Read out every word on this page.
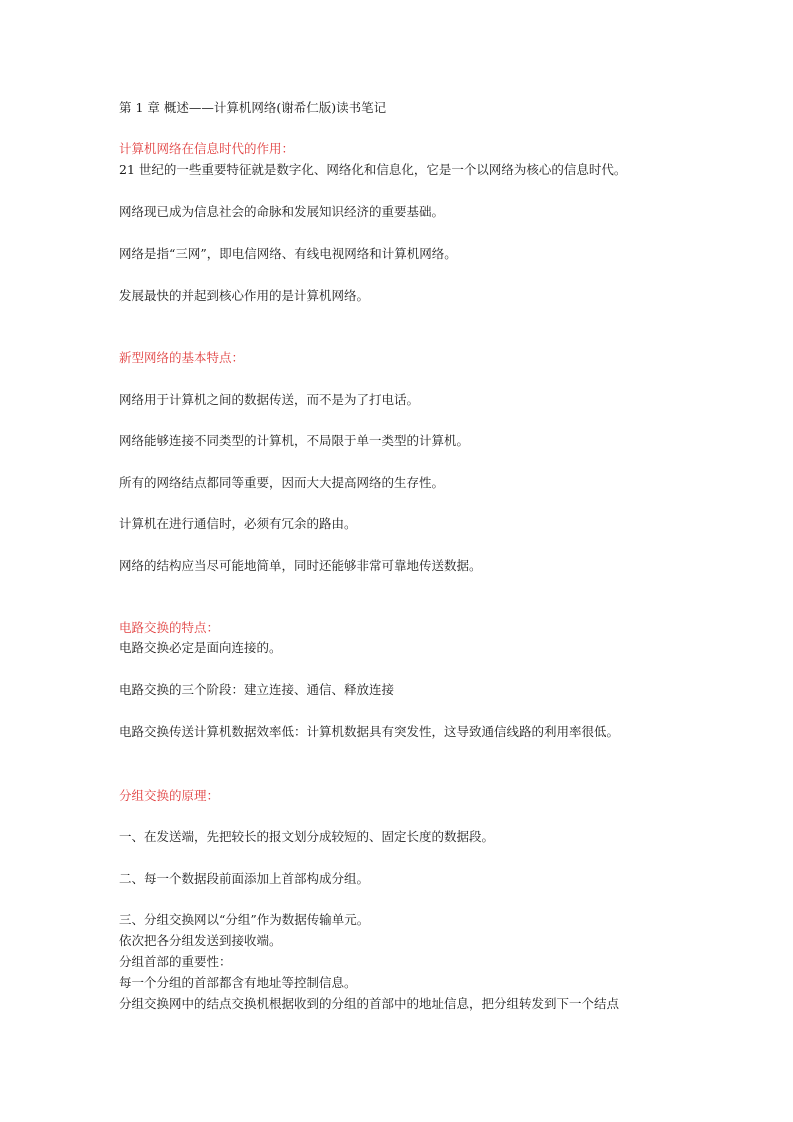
第 1 章 概述——计算机网络(谢希仁版)读书笔记
计算机网络在信息时代的作用：
21 世纪的一些重要特征就是数字化、网络化和信息化，它是一个以网络为核心的信息时代。
网络现已成为信息社会的命脉和发展知识经济的重要基础。
网络是指“三网”，即电信网络、有线电视网络和计算机网络。
发展最快的并起到核心作用的是计算机网络。
新型网络的基本特点：
网络用于计算机之间的数据传送，而不是为了打电话。
网络能够连接不同类型的计算机，不局限于单一类型的计算机。
所有的网络结点都同等重要，因而大大提高网络的生存性。
计算机在进行通信时，必须有冗余的路由。
网络的结构应当尽可能地简单，同时还能够非常可靠地传送数据。
电路交换的特点：
电路交换必定是面向连接的。
电路交换的三个阶段：建立连接、通信、释放连接
电路交换传送计算机数据效率低：计算机数据具有突发性，这导致通信线路的利用率很低。
分组交换的原理：
一、在发送端，先把较长的报文划分成较短的、固定长度的数据段。
二、每一个数据段前面添加上首部构成分组。
三、分组交换网以“分组”作为数据传输单元。
依次把各分组发送到接收端。
分组首部的重要性：
每一个分组的首部都含有地址等控制信息。
分组交换网中的结点交换机根据收到的分组的首部中的地址信息，把分组转发到下一个结点
